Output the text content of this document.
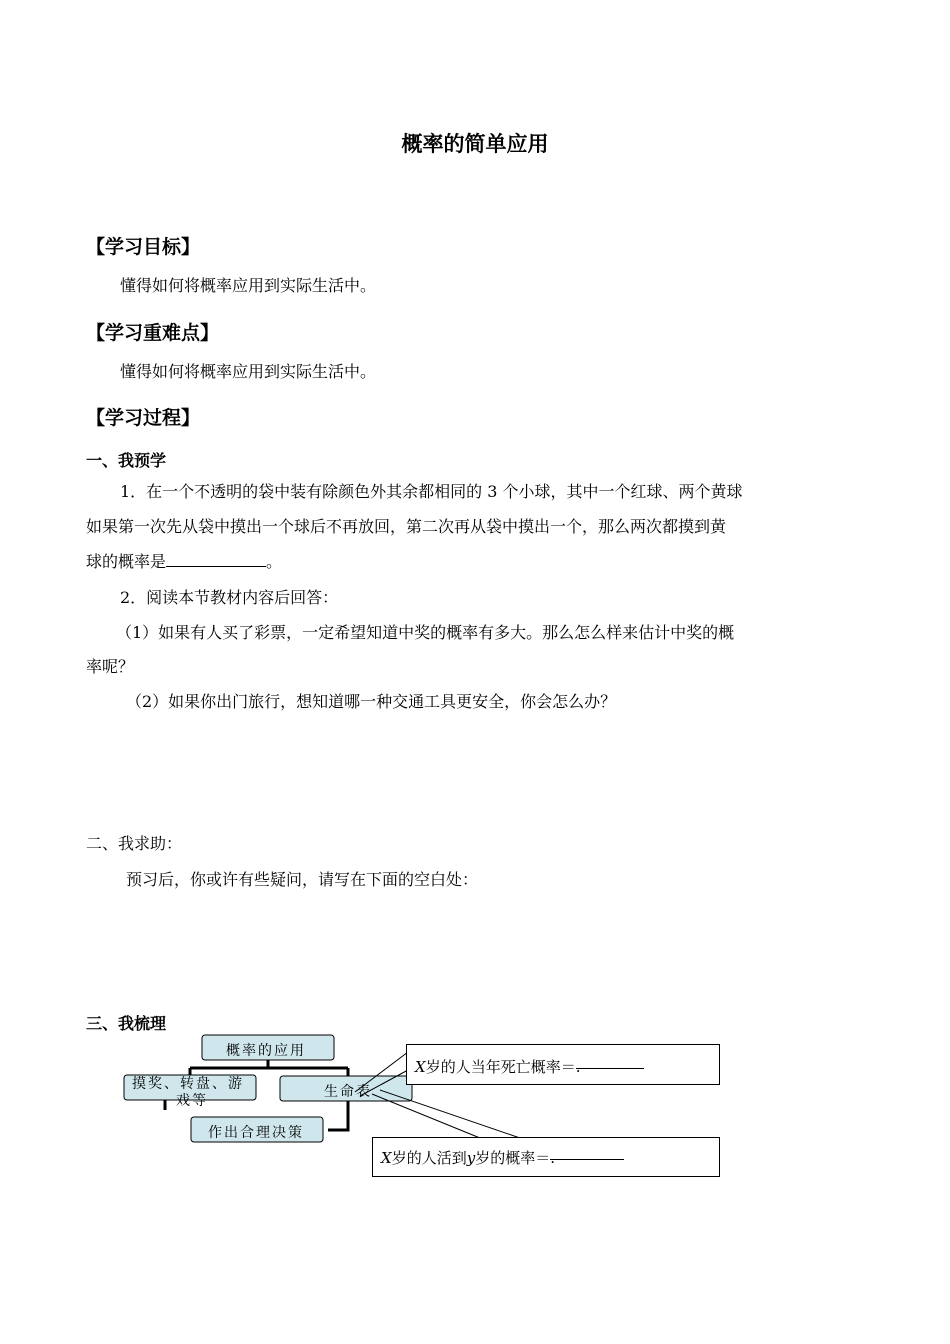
概率的简单应用
【学习目标】
懂得如何将概率应用到实际生活中。
【学习重难点】
懂得如何将概率应用到实际生活中。
【学习过程】
一、我预学
1．在一个不透明的袋中装有除颜色外其余都相同的 3 个小球，其中一个红球、两个黄球
如果第一次先从袋中摸出一个球后不再放回，第二次再从袋中摸出一个，那么两次都摸到黄
球的概率是	。
2．阅读本节教材内容后回答：
（1）如果有人买了彩票，一定希望知道中奖的概率有多大。那么怎么样来估计中奖的概
率呢？
（2）如果你出门旅行，想知道哪一种交通工具更安全，你会怎么办？
二、我求助：
预习后，你或许有些疑问，请写在下面的空白处：
三、我梳理
概率的应用
摸奖、转盘、游
戏等
生命表
作出合理决策
X岁的人当年死亡概率＝
.
X岁的人活到y岁的概率＝
.
